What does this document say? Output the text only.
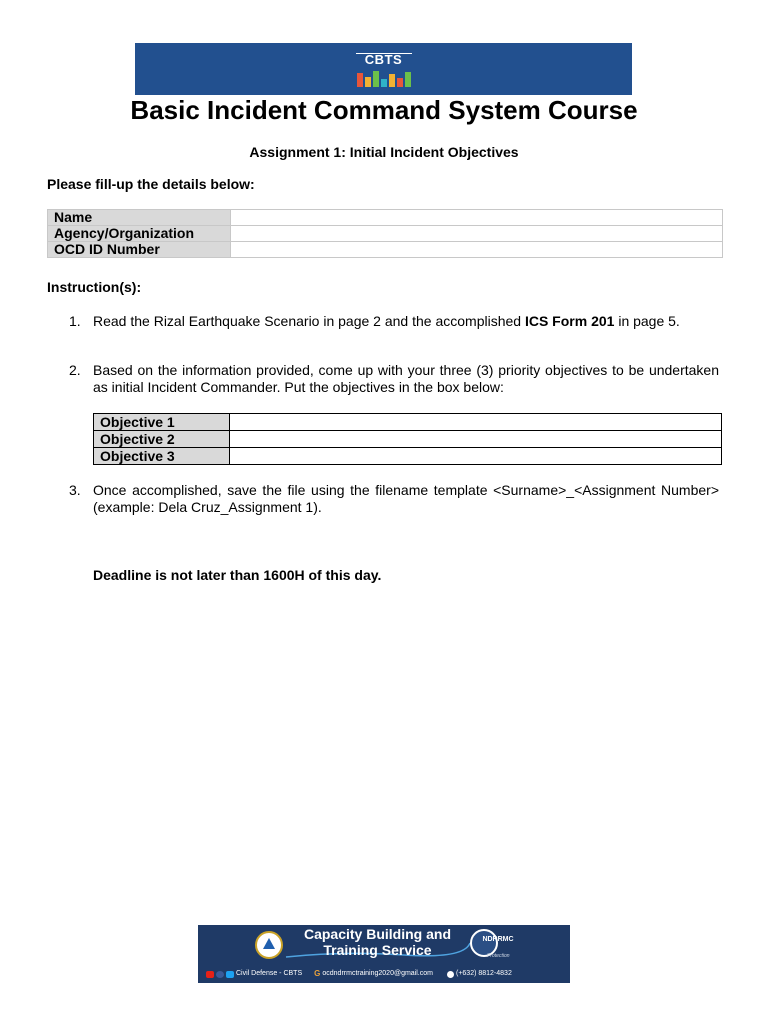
CBTS
Basic Incident Command System Course
Assignment 1: Initial Incident Objectives
Please fill-up the details below:
Name	
Agency/Organization	
OCD ID Number	
Instruction(s):
1. Read the Rizal Earthquake Scenario in page 2 and the accomplished ICS Form 201 in page 5.
2. Based on the information provided, come up with your three (3) priority objectives to be undertaken as initial Incident Commander. Put the objectives in the box below:
Objective 1	
Objective 2	
Objective 3	
3. Once accomplished, save the file using the filename template <Surname>_<Assignment Number> (example: Dela Cruz_Assignment 1).
Deadline is not later than 1600H of this day.
Capacity Building and
Training Service
NDRRMC
Protection
Civil Defense - CBTS G ocdndrrmctraining2020@gmail.com	(+632) 8812-4832
